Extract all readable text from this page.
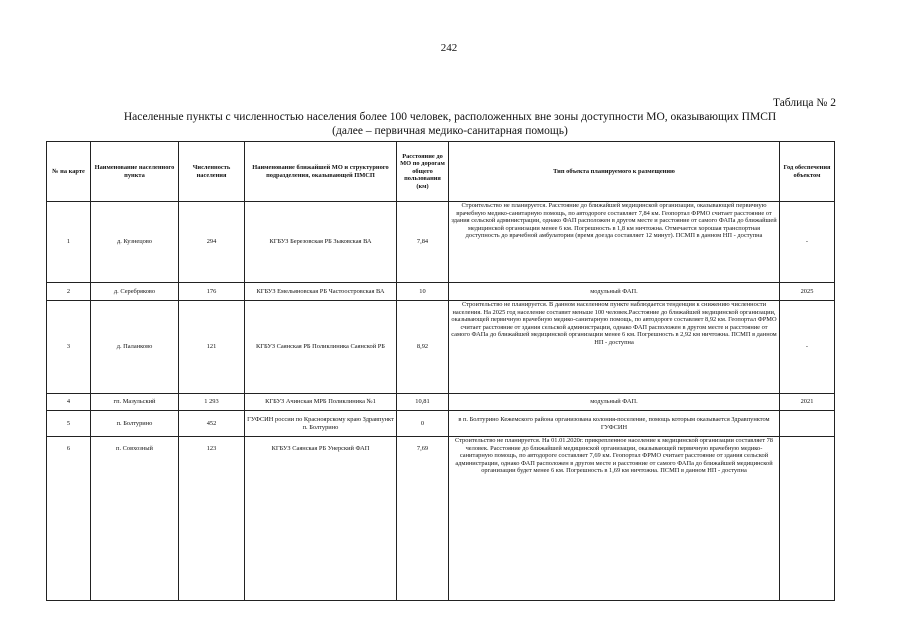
242
Таблица № 2
Населенные пункты с численностью населения более 100 человек, расположенных вне зоны доступности МО, оказывающих ПМСП
(далее – первичная медико-санитарная помощь)
№ на карте	Наименование населенного пункта	Численность населения	Наименование ближайшей МО и структурного подразделения, оказывающей ПМСП	Расстояние до МО по дорогам общего пользования (км)	Тип объекта планируемого к размещению	Год обеспечения объектом
1	д. Кузнецово	294	КГБУЗ Березовская РБ Зыковская ВА	7,84	Строительство не планируется. Расстояние до ближайшей медицинской организации, оказывающей первичную врачебную медико-санитарную помощь, по автодороге составляет 7,84 км. Геопортал ФРМО считает расстояние от здания сельской администрации, однако ФАП расположен в другом месте и расстояние от самого ФАПа до ближайшей медицинской организации менее 6 км. Погрешность в 1,8 км ничтожна. Отмечается хорошая транспортная доступность до врачебной амбулатории (время доезда составляет 12 минут). ПСМП в данном НП - доступна	-
2	д. Серебряково	176	КГБУЗ Емельяновская РБ Частоостровская ВА	10	модульный ФАП.	2025
3	д. Паланково	121	КГБУЗ Саянская РБ Поликлиника Саянской РБ	8,92	Строительство не планируется. В данном населенном пункте наблюдается тенденция к снижению численности населения. На 2025 год население составит меньше 100 человек.Расстояние до ближайшей медицинской организации, оказывающей первичную врачебную медико-санитарную помощь, по автодороге составляет 8,92 км. Геопортал ФРМО считает расстояние от здания сельской администрации, однако ФАП расположен в другом месте и расстояние от самого ФАПа до ближайшей медицинской организации менее 6 км. Погрешность в 2,92 км ничтожна. ПСМП в данном НП - доступна	-
4	гп. Мазульский	1 293	КГБУЗ Ачинская МРБ Поликлиника №1	10,81	модульный ФАП.	2021
5	п. Болтурино	452	ГУФСИН россии по Красноярскому краю Здравпункт п. Болтурино	0	в п. Болтурино Кежемского района организована колония-поселение, помощь которым оказывается Здравпунктом ГУФСИН	
6	п. Совхозный	123	КГБУЗ Саянская РБ Унерский ФАП	7,69	Строительство не планируется. На 01.01.2020г. прикрепленное население к медицинской организации составляет 78 человек. Расстояние до ближайшей медицинской организации, оказывающей первичную врачебную медико-санитарную помощь, по автодороге составляет 7,69 км. Геопортал ФРМО считает расстояние от здания сельской администрации, однако ФАП расположен в другом месте и расстояние от самого ФАПа до ближайшей медицинской организации будет менее 6 км. Погрешность в 1,69 км ничтожна. ПСМП в данном НП - доступна	
